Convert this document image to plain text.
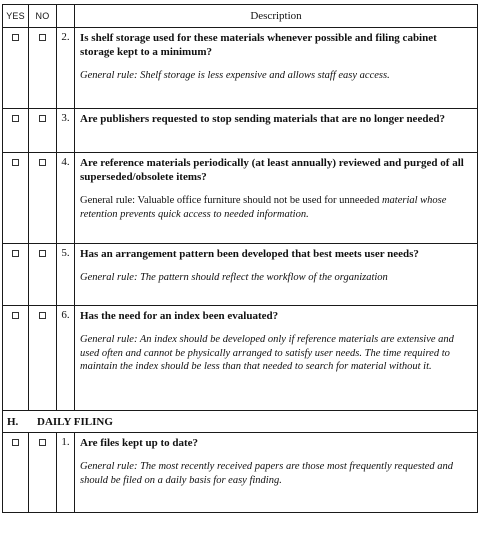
YES	NO		Description
		2.	Is shelf storage used for these materials whenever possible and filing cabinet storage kept to a minimum?
General rule: Shelf storage is less expensive and allows staff easy access.

		3.	Are publishers requested to stop sending materials that are no longer needed?

		4.	Are reference materials periodically (at least annually) reviewed and purged of all superseded/obsolete items?
General rule: Valuable office furniture should not be used for unneeded material whose retention prevents quick access to needed information.

		5.	Has an arrangement pattern been developed that best meets user needs?
General rule: The pattern should reflect the workflow of the organization

		6.	Has the need for an index been evaluated?
General rule: An index should be developed only if reference materials are extensive and used often and cannot be physically arranged to satisfy user needs. The time required to maintain the index should be less than that needed to search for material without it.

H. DAILY FILING			
		1.	Are files kept up to date?
General rule: The most recently received papers are those most frequently requested and should be filed on a daily basis for easy finding.
